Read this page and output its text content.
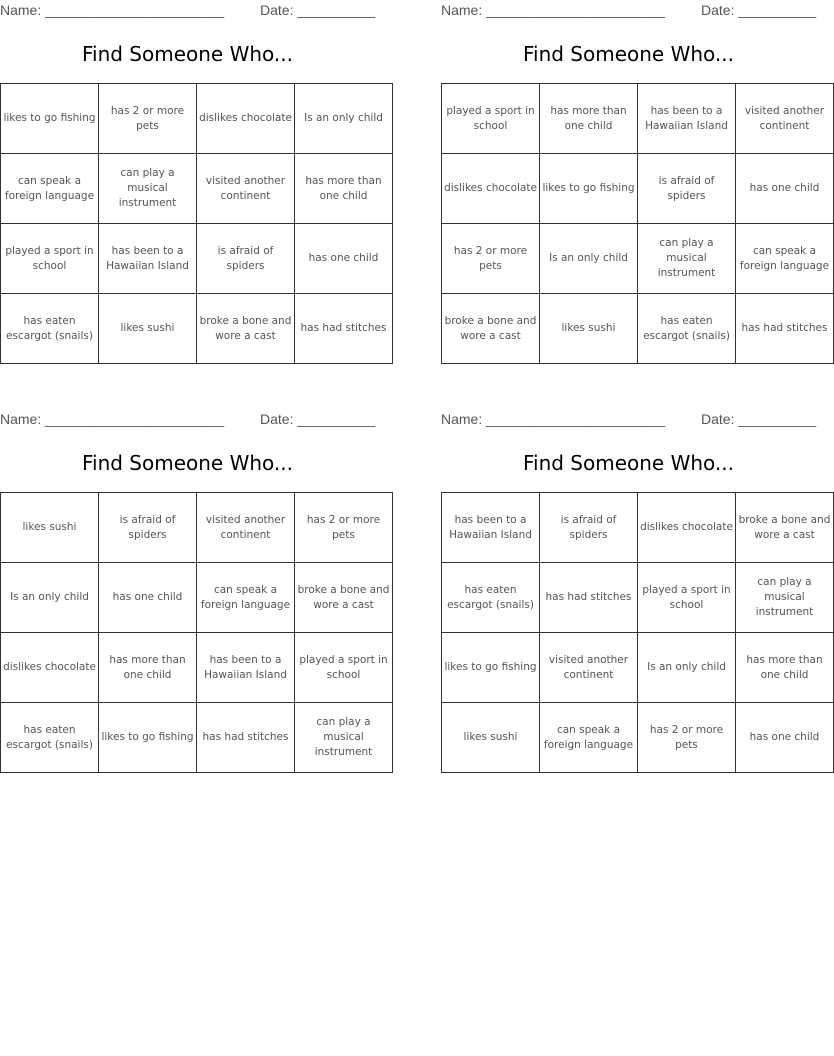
Name: _______________________	Date: __________
Find Someone Who...
likes to go fishing	has 2 or more pets	dislikes chocolate	Is an only child
can speak a foreign language	can play a musical instrument	visited another continent	has more than one child
played a sport in school	has been to a Hawaiian Island	is afraid of spiders	has one child
has eaten escargot (snails)	likes sushi	broke a bone and wore a cast	has had stitches
Name: _______________________	Date: __________
Find Someone Who...
played a sport in school	has more than one child	has been to a Hawaiian Island	visited another continent
dislikes chocolate	likes to go fishing	is afraid of spiders	has one child
has 2 or more pets	Is an only child	can play a musical instrument	can speak a foreign language
broke a bone and wore a cast	likes sushi	has eaten escargot (snails)	has had stitches
Name: _______________________	Date: __________
Find Someone Who...
likes sushi	is afraid of spiders	visited another continent	has 2 or more pets
Is an only child	has one child	can speak a foreign language	broke a bone and wore a cast
dislikes chocolate	has more than one child	has been to a Hawaiian Island	played a sport in school
has eaten escargot (snails)	likes to go fishing	has had stitches	can play a musical instrument
Name: _______________________	Date: __________
Find Someone Who...
has been to a Hawaiian Island	is afraid of spiders	dislikes chocolate	broke a bone and wore a cast
has eaten escargot (snails)	has had stitches	played a sport in school	can play a musical instrument
likes to go fishing	visited another continent	Is an only child	has more than one child
likes sushi	can speak a foreign language	has 2 or more pets	has one child
